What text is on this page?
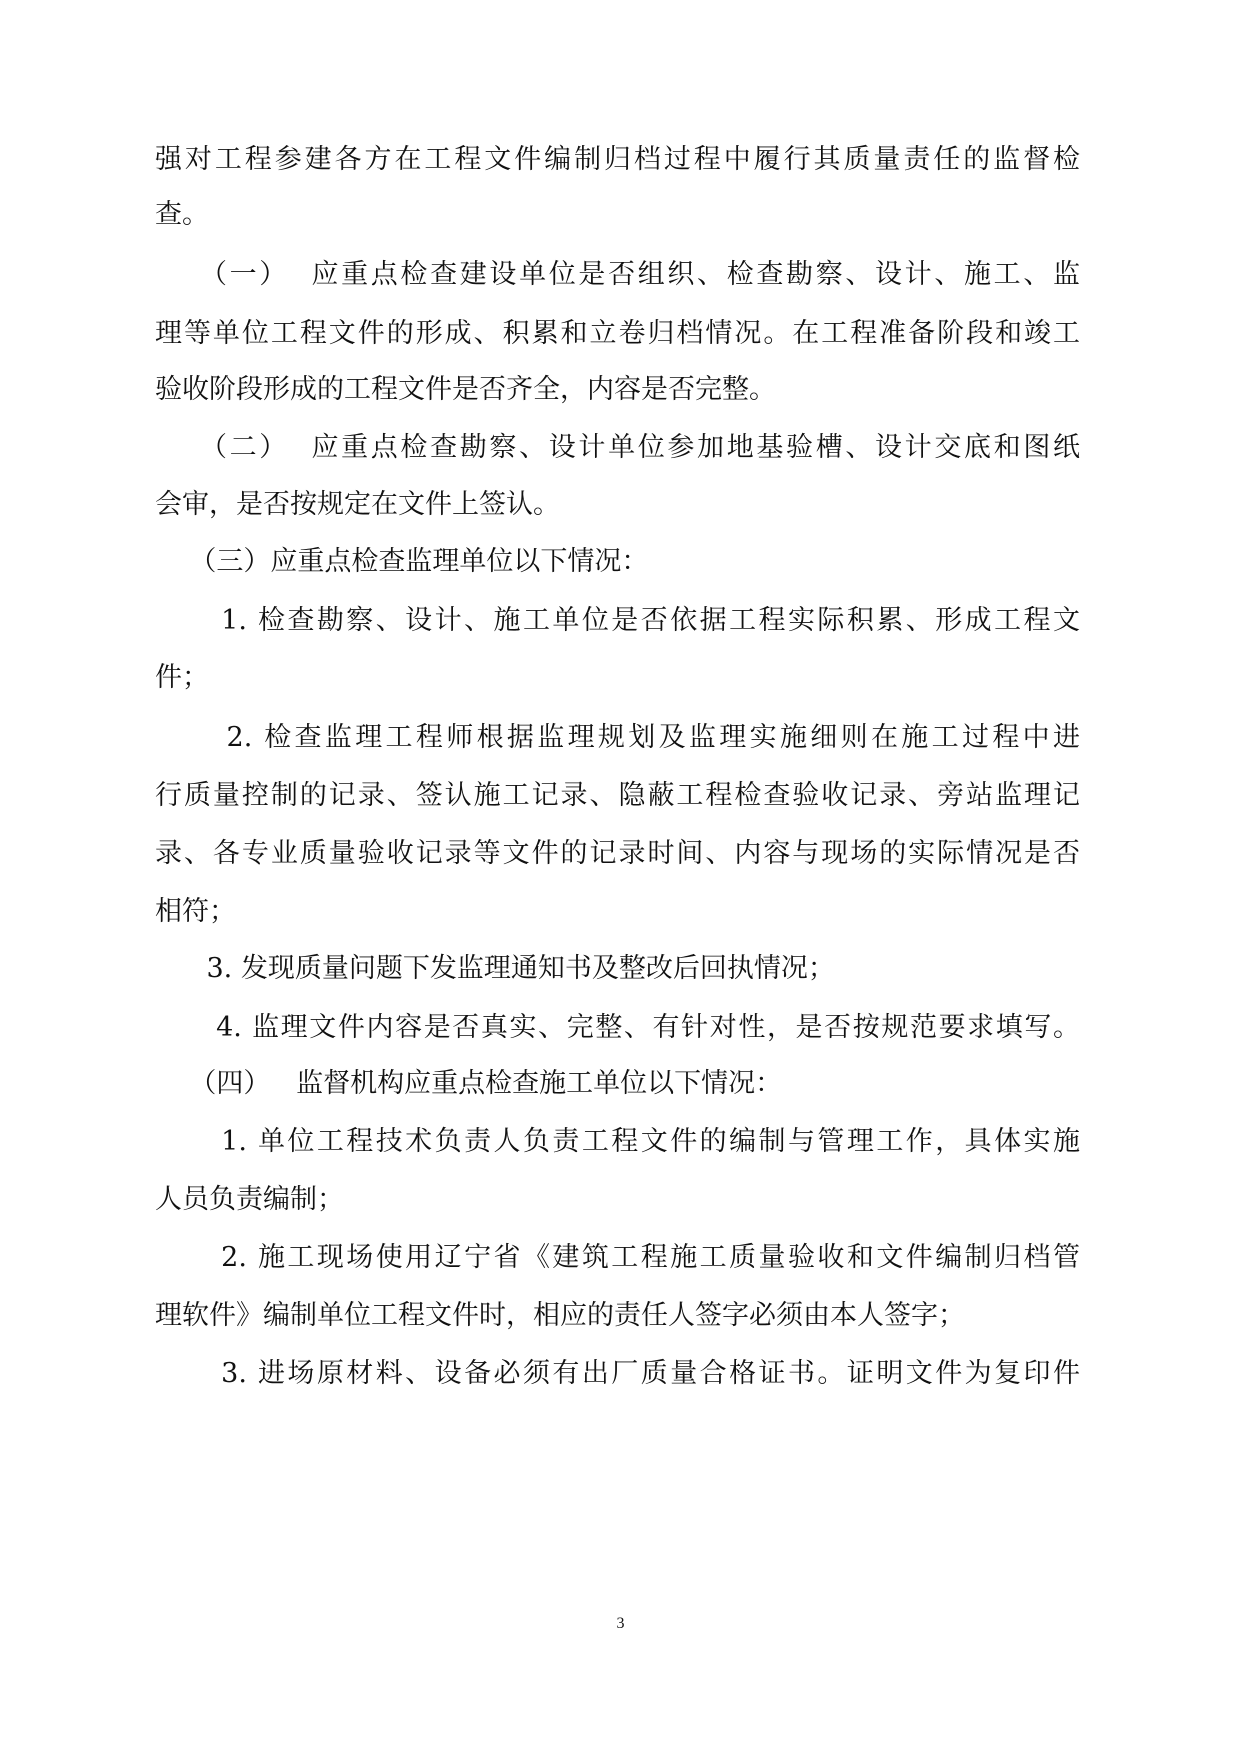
强对工程参建各方在工程文件编制归档过程中履行其质量责任的监督检
查。
（一）  应重点检查建设单位是否组织、检查勘察、设计、施工、监
理等单位工程文件的形成、积累和立卷归档情况。在工程准备阶段和竣工
验收阶段形成的工程文件是否齐全，内容是否完整。
（二）  应重点检查勘察、设计单位参加地基验槽、设计交底和图纸
会审，是否按规定在文件上签认。
（三）应重点检查监理单位以下情况：
1. 检查勘察、设计、施工单位是否依据工程实际积累、形成工程文
件；
2. 检查监理工程师根据监理规划及监理实施细则在施工过程中进
行质量控制的记录、签认施工记录、隐蔽工程检查验收记录、旁站监理记
录、各专业质量验收记录等文件的记录时间、内容与现场的实际情况是否
相符；
3. 发现质量问题下发监理通知书及整改后回执情况；
4. 监理文件内容是否真实、完整、有针对性，是否按规范要求填写。
（四）   监督机构应重点检查施工单位以下情况：
1. 单位工程技术负责人负责工程文件的编制与管理工作，具体实施
人员负责编制；
2. 施工现场使用辽宁省《建筑工程施工质量验收和文件编制归档管
理软件》编制单位工程文件时，相应的责任人签字必须由本人签字；
3. 进场原材料、设备必须有出厂质量合格证书。证明文件为复印件
3
